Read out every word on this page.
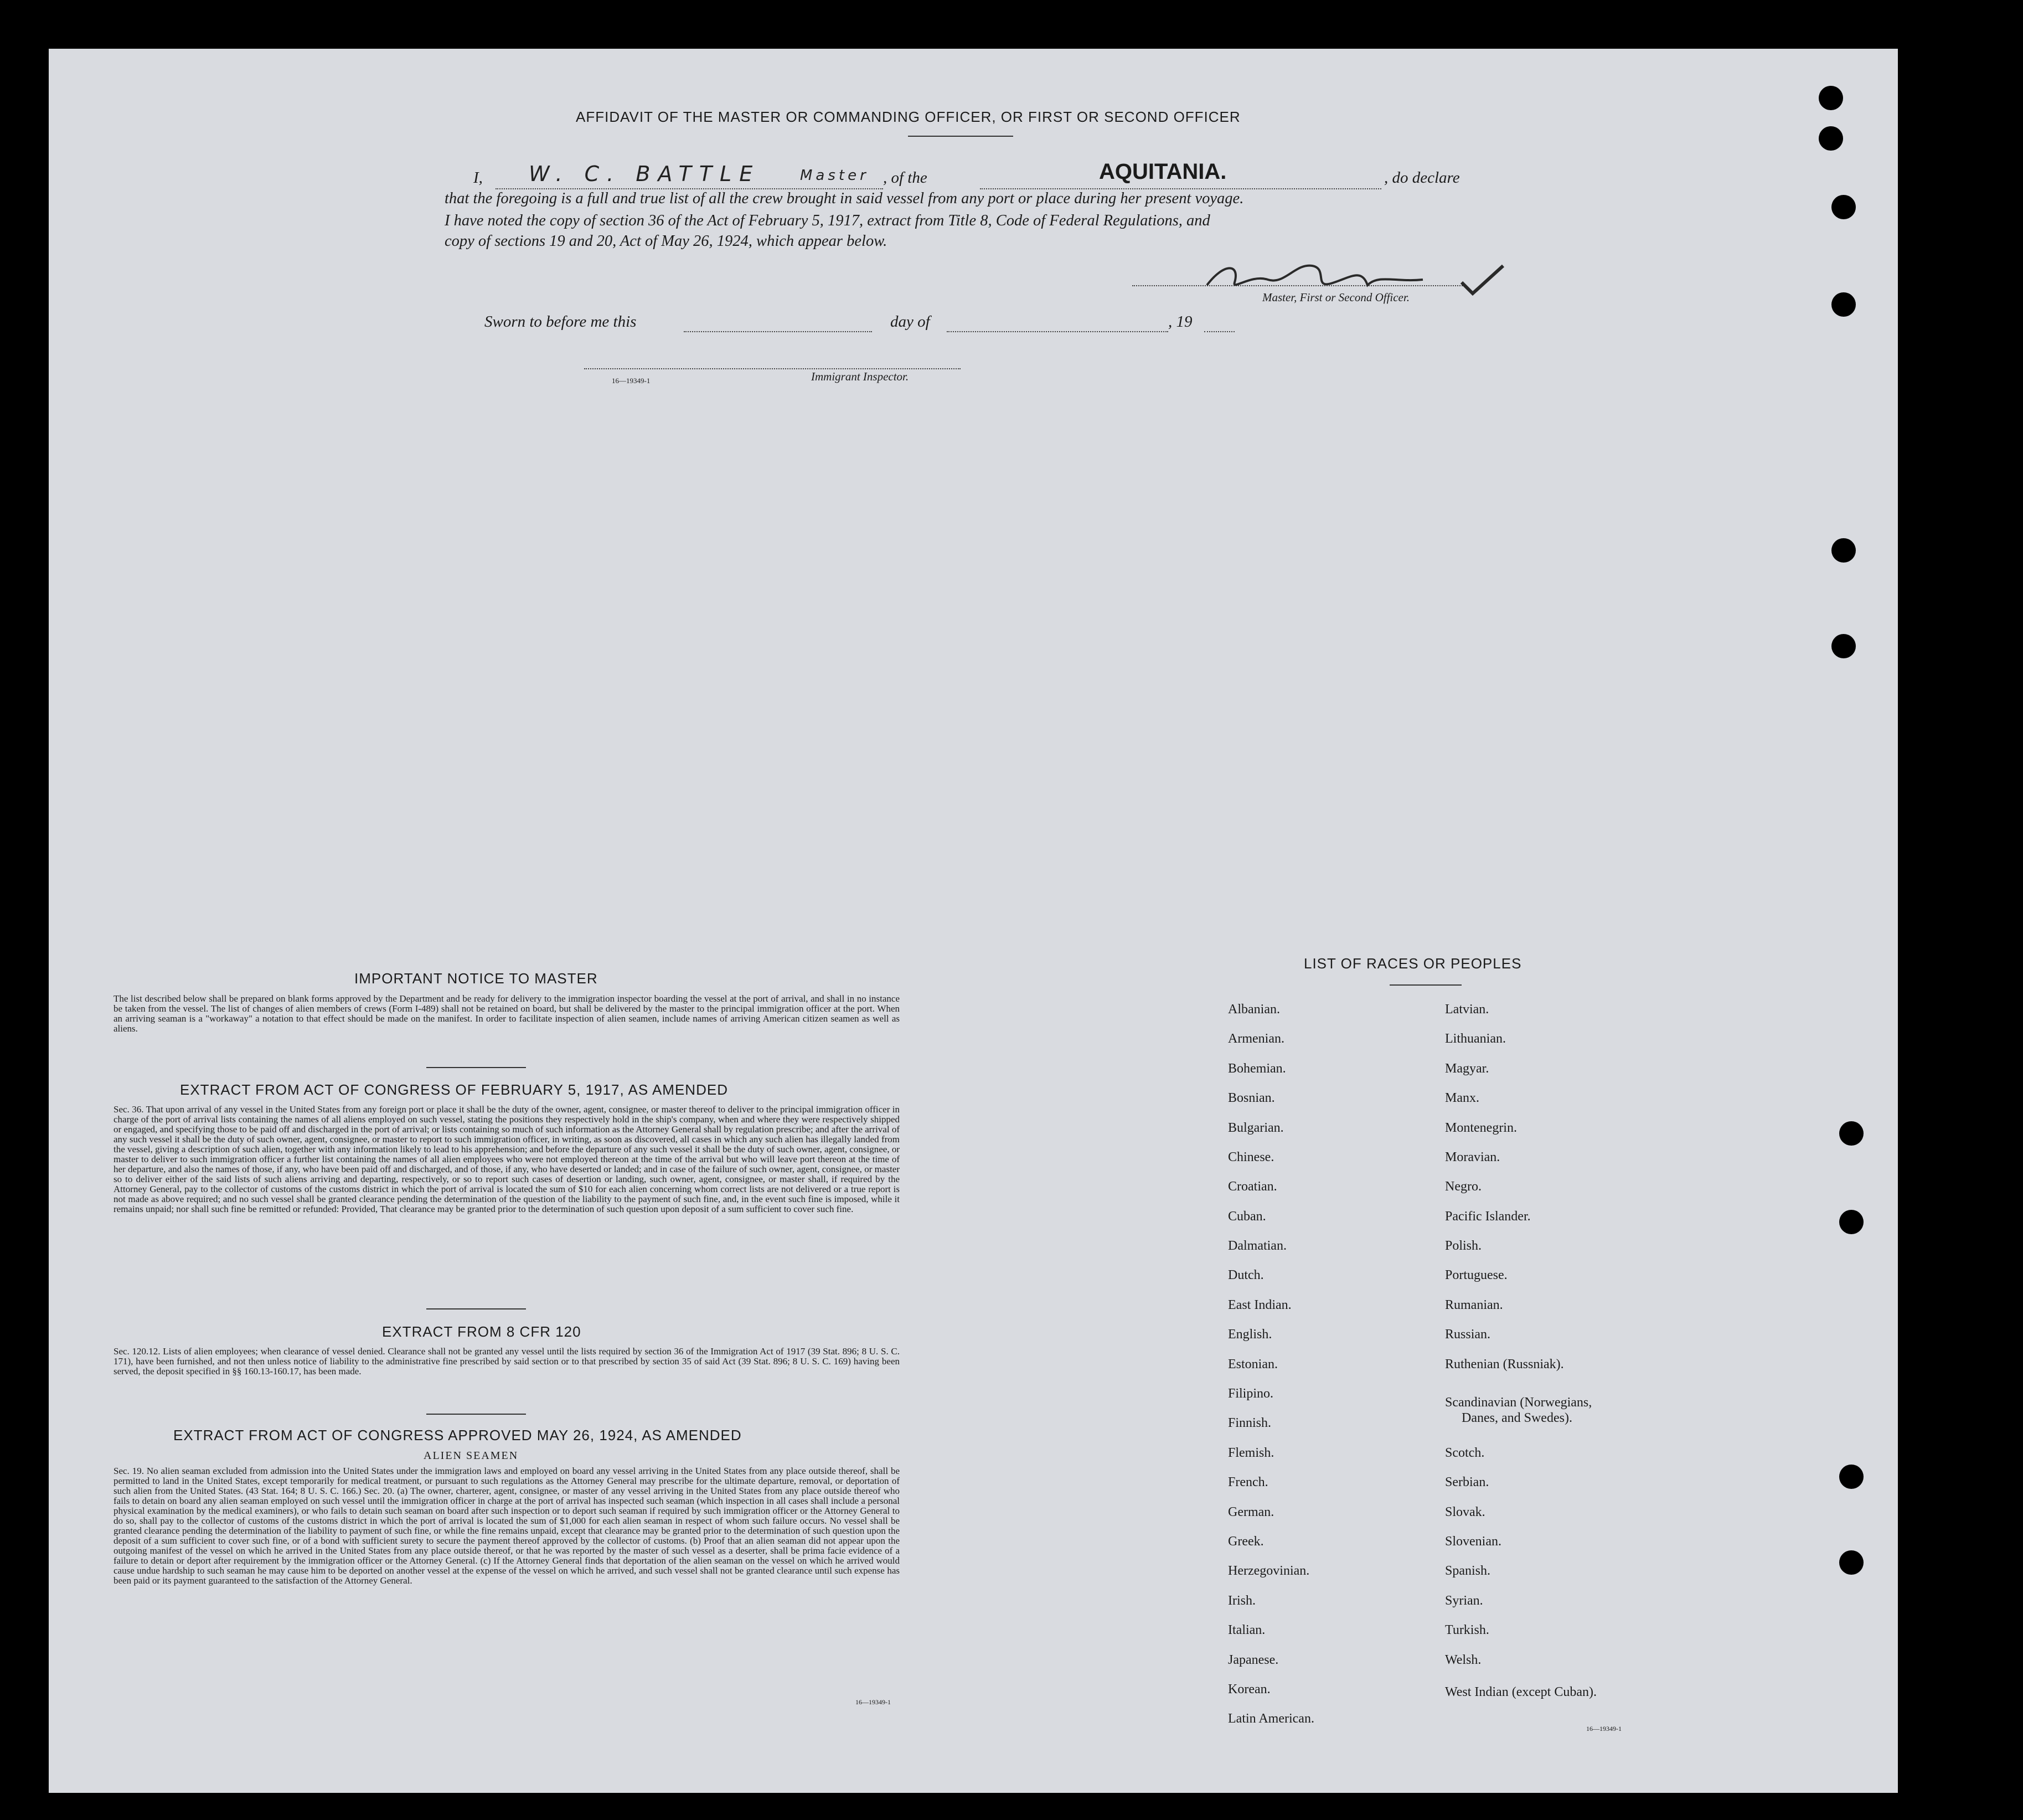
AFFIDAVIT OF THE MASTER OR COMMANDING OFFICER, OR FIRST OR SECOND OFFICER
I, W. C. BATTLE	Master , of the	AQUITANIA.	, do declare
that the foregoing is a full and true list of all the crew brought in said vessel from any port or place during her present voyage.
I have noted the copy of section 36 of the Act of February 5, 1917, extract from Title 8, Code of Federal Regulations, and
copy of sections 19 and 20, Act of May 26, 1924, which appear below.
Master, First or Second Officer.
Sworn to before me this	day of	, 19
16—19349-1	Immigrant Inspector.
IMPORTANT NOTICE TO MASTER
The list described below shall be prepared on blank forms approved by the Department and be ready for delivery to the immigration inspector boarding the vessel at the port of arrival, and shall in no instance be taken from the vessel. The list of changes of alien members of crews (Form I-489) shall not be retained on board, but shall be delivered by the master to the principal immigration officer at the port. When an arriving seaman is a "workaway" a notation to that effect should be made on the manifest. In order to facilitate inspection of alien seamen, include names of arriving American citizen seamen as well as aliens.
EXTRACT FROM ACT OF CONGRESS OF FEBRUARY 5, 1917, AS AMENDED
Sec. 36. That upon arrival of any vessel in the United States from any foreign port or place it shall be the duty of the owner, agent, consignee, or master thereof to deliver to the principal immigration officer in charge of the port of arrival lists containing the names of all aliens employed on such vessel, stating the positions they respectively hold in the ship's company, when and where they were respectively shipped or engaged, and specifying those to be paid off and discharged in the port of arrival; or lists containing so much of such information as the Attorney General shall by regulation prescribe; and after the arrival of any such vessel it shall be the duty of such owner, agent, consignee, or master to report to such immigration officer, in writing, as soon as discovered, all cases in which any such alien has illegally landed from the vessel, giving a description of such alien, together with any information likely to lead to his apprehension; and before the departure of any such vessel it shall be the duty of such owner, agent, consignee, or master to deliver to such immigration officer a further list containing the names of all alien employees who were not employed thereon at the time of the arrival but who will leave port thereon at the time of her departure, and also the names of those, if any, who have been paid off and discharged, and of those, if any, who have deserted or landed; and in case of the failure of such owner, agent, consignee, or master so to deliver either of the said lists of such aliens arriving and departing, respectively, or so to report such cases of desertion or landing, such owner, agent, consignee, or master shall, if required by the Attorney General, pay to the collector of customs of the customs district in which the port of arrival is located the sum of $10 for each alien concerning whom correct lists are not delivered or a true report is not made as above required; and no such vessel shall be granted clearance pending the determination of the question of the liability to the payment of such fine, and, in the event such fine is imposed, while it remains unpaid; nor shall such fine be remitted or refunded: Provided, That clearance may be granted prior to the determination of such question upon deposit of a sum sufficient to cover such fine.
EXTRACT FROM 8 CFR 120
Sec. 120.12. Lists of alien employees; when clearance of vessel denied. Clearance shall not be granted any vessel until the lists required by section 36 of the Immigration Act of 1917 (39 Stat. 896; 8 U. S. C. 171), have been furnished, and not then unless notice of liability to the administrative fine prescribed by said section or to that prescribed by section 35 of said Act (39 Stat. 896; 8 U. S. C. 169) having been served, the deposit specified in §§ 160.13-160.17, has been made.
EXTRACT FROM ACT OF CONGRESS APPROVED MAY 26, 1924, AS AMENDED
ALIEN SEAMEN
Sec. 19. No alien seaman excluded from admission into the United States under the immigration laws and employed on board any vessel arriving in the United States from any place outside thereof, shall be permitted to land in the United States, except temporarily for medical treatment, or pursuant to such regulations as the Attorney General may prescribe for the ultimate departure, removal, or deportation of such alien from the United States. (43 Stat. 164; 8 U. S. C. 166.) Sec. 20. (a) The owner, charterer, agent, consignee, or master of any vessel arriving in the United States from any place outside thereof who fails to detain on board any alien seaman employed on such vessel until the immigration officer in charge at the port of arrival has inspected such seaman (which inspection in all cases shall include a personal physical examination by the medical examiners), or who fails to detain such seaman on board after such inspection or to deport such seaman if required by such immigration officer or the Attorney General to do so, shall pay to the collector of customs of the customs district in which the port of arrival is located the sum of $1,000 for each alien seaman in respect of whom such failure occurs. No vessel shall be granted clearance pending the determination of the liability to payment of such fine, or while the fine remains unpaid, except that clearance may be granted prior to the determination of such question upon the deposit of a sum sufficient to cover such fine, or of a bond with sufficient surety to secure the payment thereof approved by the collector of customs. (b) Proof that an alien seaman did not appear upon the outgoing manifest of the vessel on which he arrived in the United States from any place outside thereof, or that he was reported by the master of such vessel as a deserter, shall be prima facie evidence of a failure to detain or deport after requirement by the immigration officer or the Attorney General. (c) If the Attorney General finds that deportation of the alien seaman on the vessel on which he arrived would cause undue hardship to such seaman he may cause him to be deported on another vessel at the expense of the vessel on which he arrived, and such vessel shall not be granted clearance until such expense has been paid or its payment guaranteed to the satisfaction of the Attorney General.
16—19349-1
LIST OF RACES OR PEOPLES
Albanian.
Armenian.
Bohemian.
Bosnian.
Bulgarian.
Chinese.
Croatian.
Cuban.
Dalmatian.
Dutch.
East Indian.
English.
Estonian.
Filipino.
Finnish.
Flemish.
French.
German.
Greek.
Herzegovinian.
Irish.
Italian.
Japanese.
Korean.
Latin American.
Latvian.
Lithuanian.
Magyar.
Manx.
Montenegrin.
Moravian.
Negro.
Pacific Islander.
Polish.
Portuguese.
Rumanian.
Russian.
Ruthenian (Russniak).
Scandinavian (Norwegians,
Danes, and Swedes).
Scotch.
Serbian.
Slovak.
Slovenian.
Spanish.
Syrian.
Turkish.
Welsh.
West Indian (except Cuban).
16—19349-1
